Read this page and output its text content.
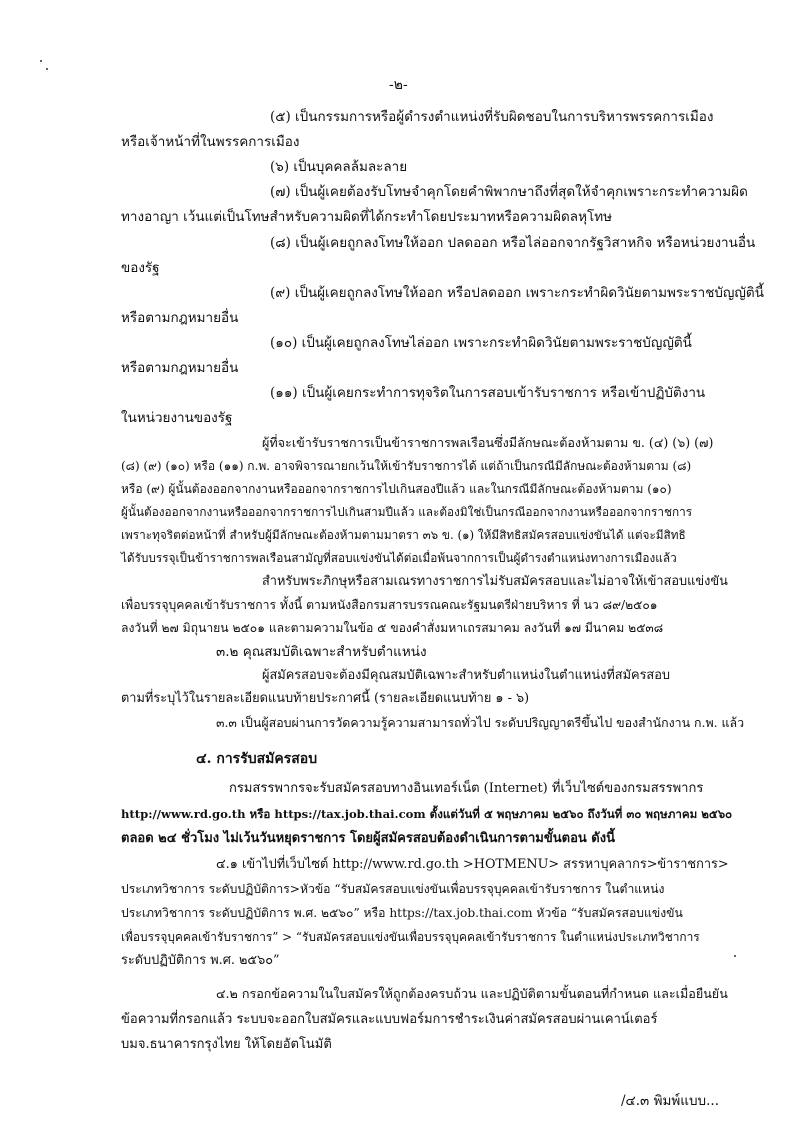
-๒-
(๕) เป็นกรรมการหรือผู้ดำรงตำแหน่งที่รับผิดชอบในการบริหารพรรคการเมือง
หรือเจ้าหน้าที่ในพรรคการเมือง
(๖) เป็นบุคคลล้มละลาย
(๗) เป็นผู้เคยต้องรับโทษจำคุกโดยคำพิพากษาถึงที่สุดให้จำคุกเพราะกระทำความผิด
ทางอาญา เว้นแต่เป็นโทษสำหรับความผิดที่ได้กระทำโดยประมาทหรือความผิดลหุโทษ
(๘) เป็นผู้เคยถูกลงโทษให้ออก ปลดออก หรือไล่ออกจากรัฐวิสาหกิจ หรือหน่วยงานอื่น
ของรัฐ
(๙) เป็นผู้เคยถูกลงโทษให้ออก หรือปลดออก เพราะกระทำผิดวินัยตามพระราชบัญญัตินี้
หรือตามกฎหมายอื่น
(๑๐) เป็นผู้เคยถูกลงโทษไล่ออก เพราะกระทำผิดวินัยตามพระราชบัญญัตินี้
หรือตามกฎหมายอื่น
(๑๑) เป็นผู้เคยกระทำการทุจริตในการสอบเข้ารับราชการ หรือเข้าปฏิบัติงาน
ในหน่วยงานของรัฐ
ผู้ที่จะเข้ารับราชการเป็นข้าราชการพลเรือนซึ่งมีลักษณะต้องห้ามตาม ข. (๔) (๖) (๗)
(๘) (๙) (๑๐) หรือ (๑๑) ก.พ. อาจพิจารณายกเว้นให้เข้ารับราชการได้ แต่ถ้าเป็นกรณีมีลักษณะต้องห้ามตาม (๘)
หรือ (๙) ผู้นั้นต้องออกจากงานหรือออกจากราชการไปเกินสองปีแล้ว และในกรณีมีลักษณะต้องห้ามตาม (๑๐)
ผู้นั้นต้องออกจากงานหรือออกจากราชการไปเกินสามปีแล้ว และต้องมิใช่เป็นกรณีออกจากงานหรือออกจากราชการ
เพราะทุจริตต่อหน้าที่ สำหรับผู้มีลักษณะต้องห้ามตามมาตรา ๓๖ ข. (๑) ให้มีสิทธิสมัครสอบแข่งขันได้ แต่จะมีสิทธิ
ได้รับบรรจุเป็นข้าราชการพลเรือนสามัญที่สอบแข่งขันได้ต่อเมื่อพ้นจากการเป็นผู้ดำรงตำแหน่งทางการเมืองแล้ว
สำหรับพระภิกษุหรือสามเณรทางราชการไม่รับสมัครสอบและไม่อาจให้เข้าสอบแข่งขัน
เพื่อบรรจุบุคคลเข้ารับราชการ ทั้งนี้ ตามหนังสือกรมสารบรรณคณะรัฐมนตรีฝ่ายบริหาร ที่ นว ๘๙/๒๕๐๑
ลงวันที่ ๒๗ มิถุนายน ๒๕๐๑ และตามความในข้อ ๕ ของคำสั่งมหาเถรสมาคม ลงวันที่ ๑๗ มีนาคม ๒๕๓๘
๓.๒ คุณสมบัติเฉพาะสำหรับตำแหน่ง
ผู้สมัครสอบจะต้องมีคุณสมบัติเฉพาะสำหรับตำแหน่งในตำแหน่งที่สมัครสอบ
ตามที่ระบุไว้ในรายละเอียดแนบท้ายประกาศนี้ (รายละเอียดแนบท้าย ๑ - ๖)
๓.๓ เป็นผู้สอบผ่านการวัดความรู้ความสามารถทั่วไป ระดับปริญญาตรีขึ้นไป ของสำนักงาน ก.พ. แล้ว
๔. การรับสมัครสอบ
กรมสรรพากรจะรับสมัครสอบทางอินเทอร์เน็ต (Internet) ที่เว็บไซต์ของกรมสรรพากร
http://www.rd.go.th หรือ https://tax.job.thai.com ตั้งแต่วันที่ ๕ พฤษภาคม ๒๕๖๐ ถึงวันที่ ๓๐ พฤษภาคม ๒๕๖๐
ตลอด ๒๔ ชั่วโมง ไม่เว้นวันหยุดราชการ โดยผู้สมัครสอบต้องดำเนินการตามขั้นตอน ดังนี้
๔.๑ เข้าไปที่เว็บไซต์ http://www.rd.go.th >HOTMENU> สรรหาบุคลากร>ข้าราชการ>
ประเภทวิชาการ ระดับปฏิบัติการ>หัวข้อ “รับสมัครสอบแข่งขันเพื่อบรรจุบุคคลเข้ารับราชการ ในตำแหน่ง
ประเภทวิชาการ ระดับปฏิบัติการ พ.ศ. ๒๕๖๐” หรือ https://tax.job.thai.com หัวข้อ “รับสมัครสอบแข่งขัน
เพื่อบรรจุบุคคลเข้ารับราชการ” > “รับสมัครสอบแข่งขันเพื่อบรรจุบุคคลเข้ารับราชการ ในตำแหน่งประเภทวิชาการ
ระดับปฏิบัติการ พ.ศ. ๒๕๖๐”
๔.๒ กรอกข้อความในใบสมัครให้ถูกต้องครบถ้วน และปฏิบัติตามขั้นตอนที่กำหนด และเมื่อยืนยัน
ข้อความที่กรอกแล้ว ระบบจะออกใบสมัครและแบบฟอร์มการชำระเงินค่าสมัครสอบผ่านเคาน์เตอร์
บมจ.ธนาคารกรุงไทย ให้โดยอัตโนมัติ
/๔.๓ พิมพ์แบบ...
